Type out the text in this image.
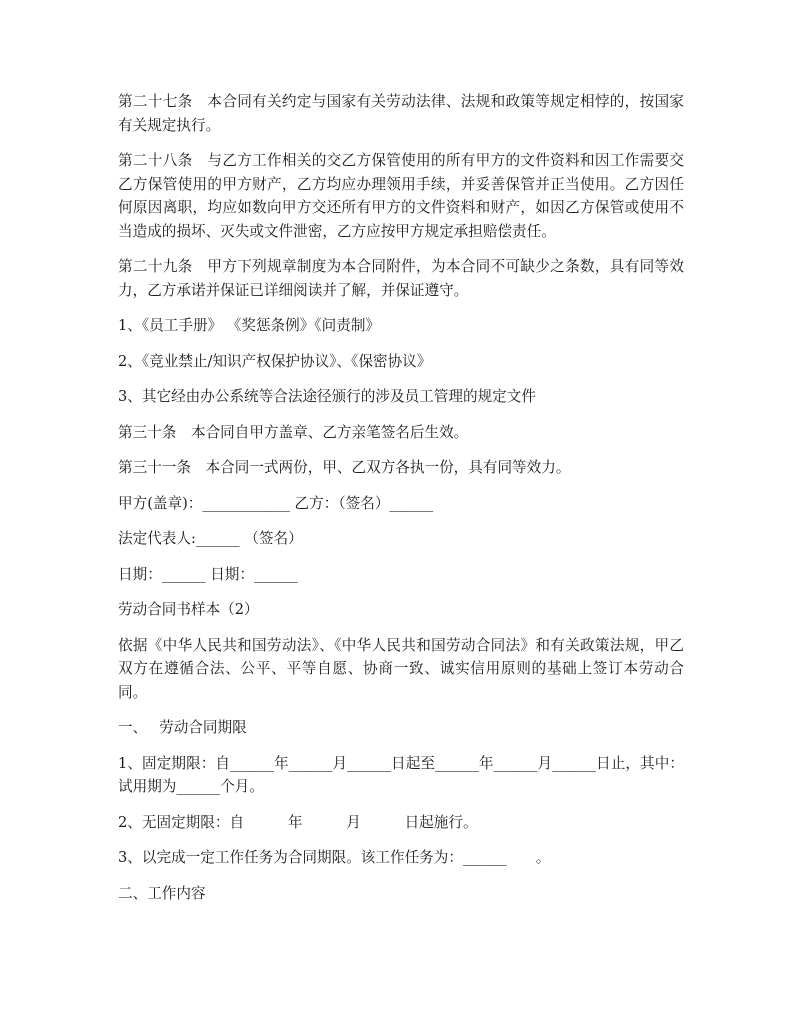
第二十七条　本合同有关约定与国家有关劳动法律、法规和政策等规定相悖的，按国家有关规定执行。

第二十八条　与乙方工作相关的交乙方保管使用的所有甲方的文件资料和因工作需要交乙方保管使用的甲方财产，乙方均应办理领用手续，并妥善保管并正当使用。乙方因任何原因离职，均应如数向甲方交还所有甲方的文件资料和财产，如因乙方保管或使用不当造成的损坏、灭失或文件泄密，乙方应按甲方规定承担赔偿责任。

第二十九条　甲方下列规章制度为本合同附件，为本合同不可缺少之条数，具有同等效力，乙方承诺并保证已详细阅读并了解，并保证遵守。

1、《员工手册》 《奖惩条例》《问责制》

2、《竞业禁止/知识产权保护协议》、《保密协议》

3、其它经由办公系统等合法途径颁行的涉及员工管理的规定文件

第三十条　本合同自甲方盖章、乙方亲笔签名后生效。

第三十一条　本合同一式两份，甲、乙双方各执一份，具有同等效力。

甲方(盖章)：____________ 乙方：（签名）______

法定代表人:______ （签名）

日期：______ 日期：______

劳动合同书样本（2）

依据《中华人民共和国劳动法》、《中华人民共和国劳动合同法》和有关政策法规，甲乙双方在遵循合法、公平、平等自愿、协商一致、诚实信用原则的基础上签订本劳动合同。

一、　 劳动合同期限

1、固定期限：自______年______月______日起至______年______月______日止，其中：试用期为______个月。

2、无固定期限：自　　　年　　　月　　　日起施行。

3、以完成一定工作任务为合同期限。该工作任务为：______　　。

二、工作内容
